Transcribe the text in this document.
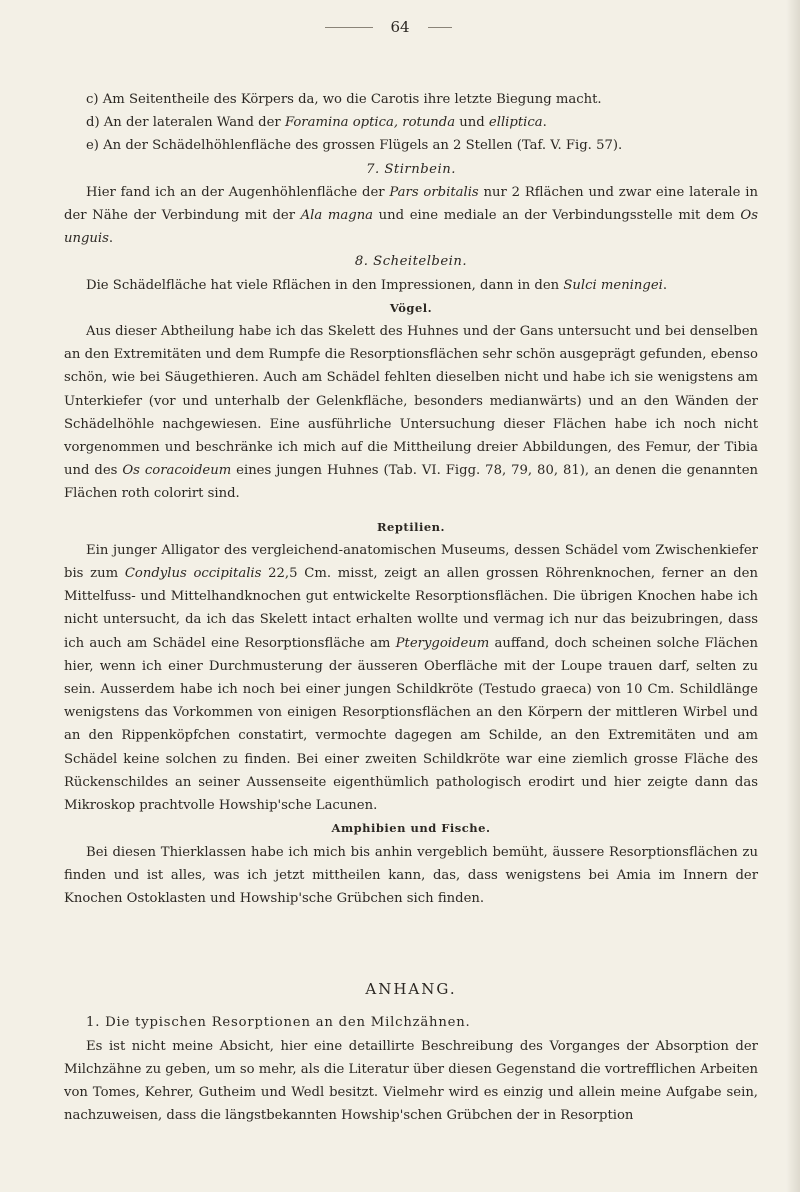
64

c) Am Seitentheile des Körpers da, wo die Carotis ihre letzte Biegung macht.

d) An der lateralen Wand der Foramina optica, rotunda und elliptica.

e) An der Schädelhöhlenfläche des grossen Flügels an 2 Stellen (Taf. V. Fig. 57).

7. Stirnbein.

Hier fand ich an der Augenhöhlenfläche der Pars orbitalis nur 2 Rflächen und zwar eine laterale in der Nähe der Verbindung mit der Ala magna und eine mediale an der Verbindungsstelle mit dem Os unguis.

8. Scheitelbein.

Die Schädelfläche hat viele Rflächen in den Impressionen, dann in den Sulci meningei.

Vögel.

Aus dieser Abtheilung habe ich das Skelett des Huhnes und der Gans untersucht und bei denselben an den Extremitäten und dem Rumpfe die Resorptionsflächen sehr schön ausgeprägt gefunden, ebenso schön, wie bei Säugethieren. Auch am Schädel fehlten dieselben nicht und habe ich sie wenigstens am Unterkiefer (vor und unterhalb der Gelenkfläche, besonders medianwärts) und an den Wänden der Schädelhöhle nachgewiesen. Eine ausführliche Untersuchung dieser Flächen habe ich noch nicht vorgenommen und beschränke ich mich auf die Mittheilung dreier Abbildungen, des Femur, der Tibia und des Os coracoideum eines jungen Huhnes (Tab. VI. Figg. 78, 79, 80, 81), an denen die genannten Flächen roth colorirt sind.

Reptilien.

Ein junger Alligator des vergleichend-anatomischen Museums, dessen Schädel vom Zwischenkiefer bis zum Condylus occipitalis 22,5 Cm. misst, zeigt an allen grossen Röhrenknochen, ferner an den Mittelfuss- und Mittelhandknochen gut entwickelte Resorptionsflächen. Die übrigen Knochen habe ich nicht untersucht, da ich das Skelett intact erhalten wollte und vermag ich nur das beizubringen, dass ich auch am Schädel eine Resorptionsfläche am Pterygoideum auffand, doch scheinen solche Flächen hier, wenn ich einer Durchmusterung der äusseren Oberfläche mit der Loupe trauen darf, selten zu sein. Ausserdem habe ich noch bei einer jungen Schildkröte (Testudo graeca) von 10 Cm. Schildlänge wenigstens das Vorkommen von einigen Resorptionsflächen an den Körpern der mittleren Wirbel und an den Rippenköpfchen constatirt, vermochte dagegen am Schilde, an den Extremitäten und am Schädel keine solchen zu finden. Bei einer zweiten Schildkröte war eine ziemlich grosse Fläche des Rückenschildes an seiner Aussenseite eigenthümlich pathologisch erodirt und hier zeigte dann das Mikroskop prachtvolle Howship'sche Lacunen.

Amphibien und Fische.

Bei diesen Thierklassen habe ich mich bis anhin vergeblich bemüht, äussere Resorptionsflächen zu finden und ist alles, was ich jetzt mittheilen kann, das, dass wenigstens bei Amia im Innern der Knochen Ostoklasten und Howship'sche Grübchen sich finden.

ANHANG.

1. Die typischen Resorptionen an den Milchzähnen.

Es ist nicht meine Absicht, hier eine detaillirte Beschreibung des Vorganges der Absorption der Milchzähne zu geben, um so mehr, als die Literatur über diesen Gegenstand die vortrefflichen Arbeiten von Tomes, Kehrer, Gutheim und Wedl besitzt. Vielmehr wird es einzig und allein meine Aufgabe sein, nachzuweisen, dass die längstbekannten Howship'schen Grübchen der in Resorption
